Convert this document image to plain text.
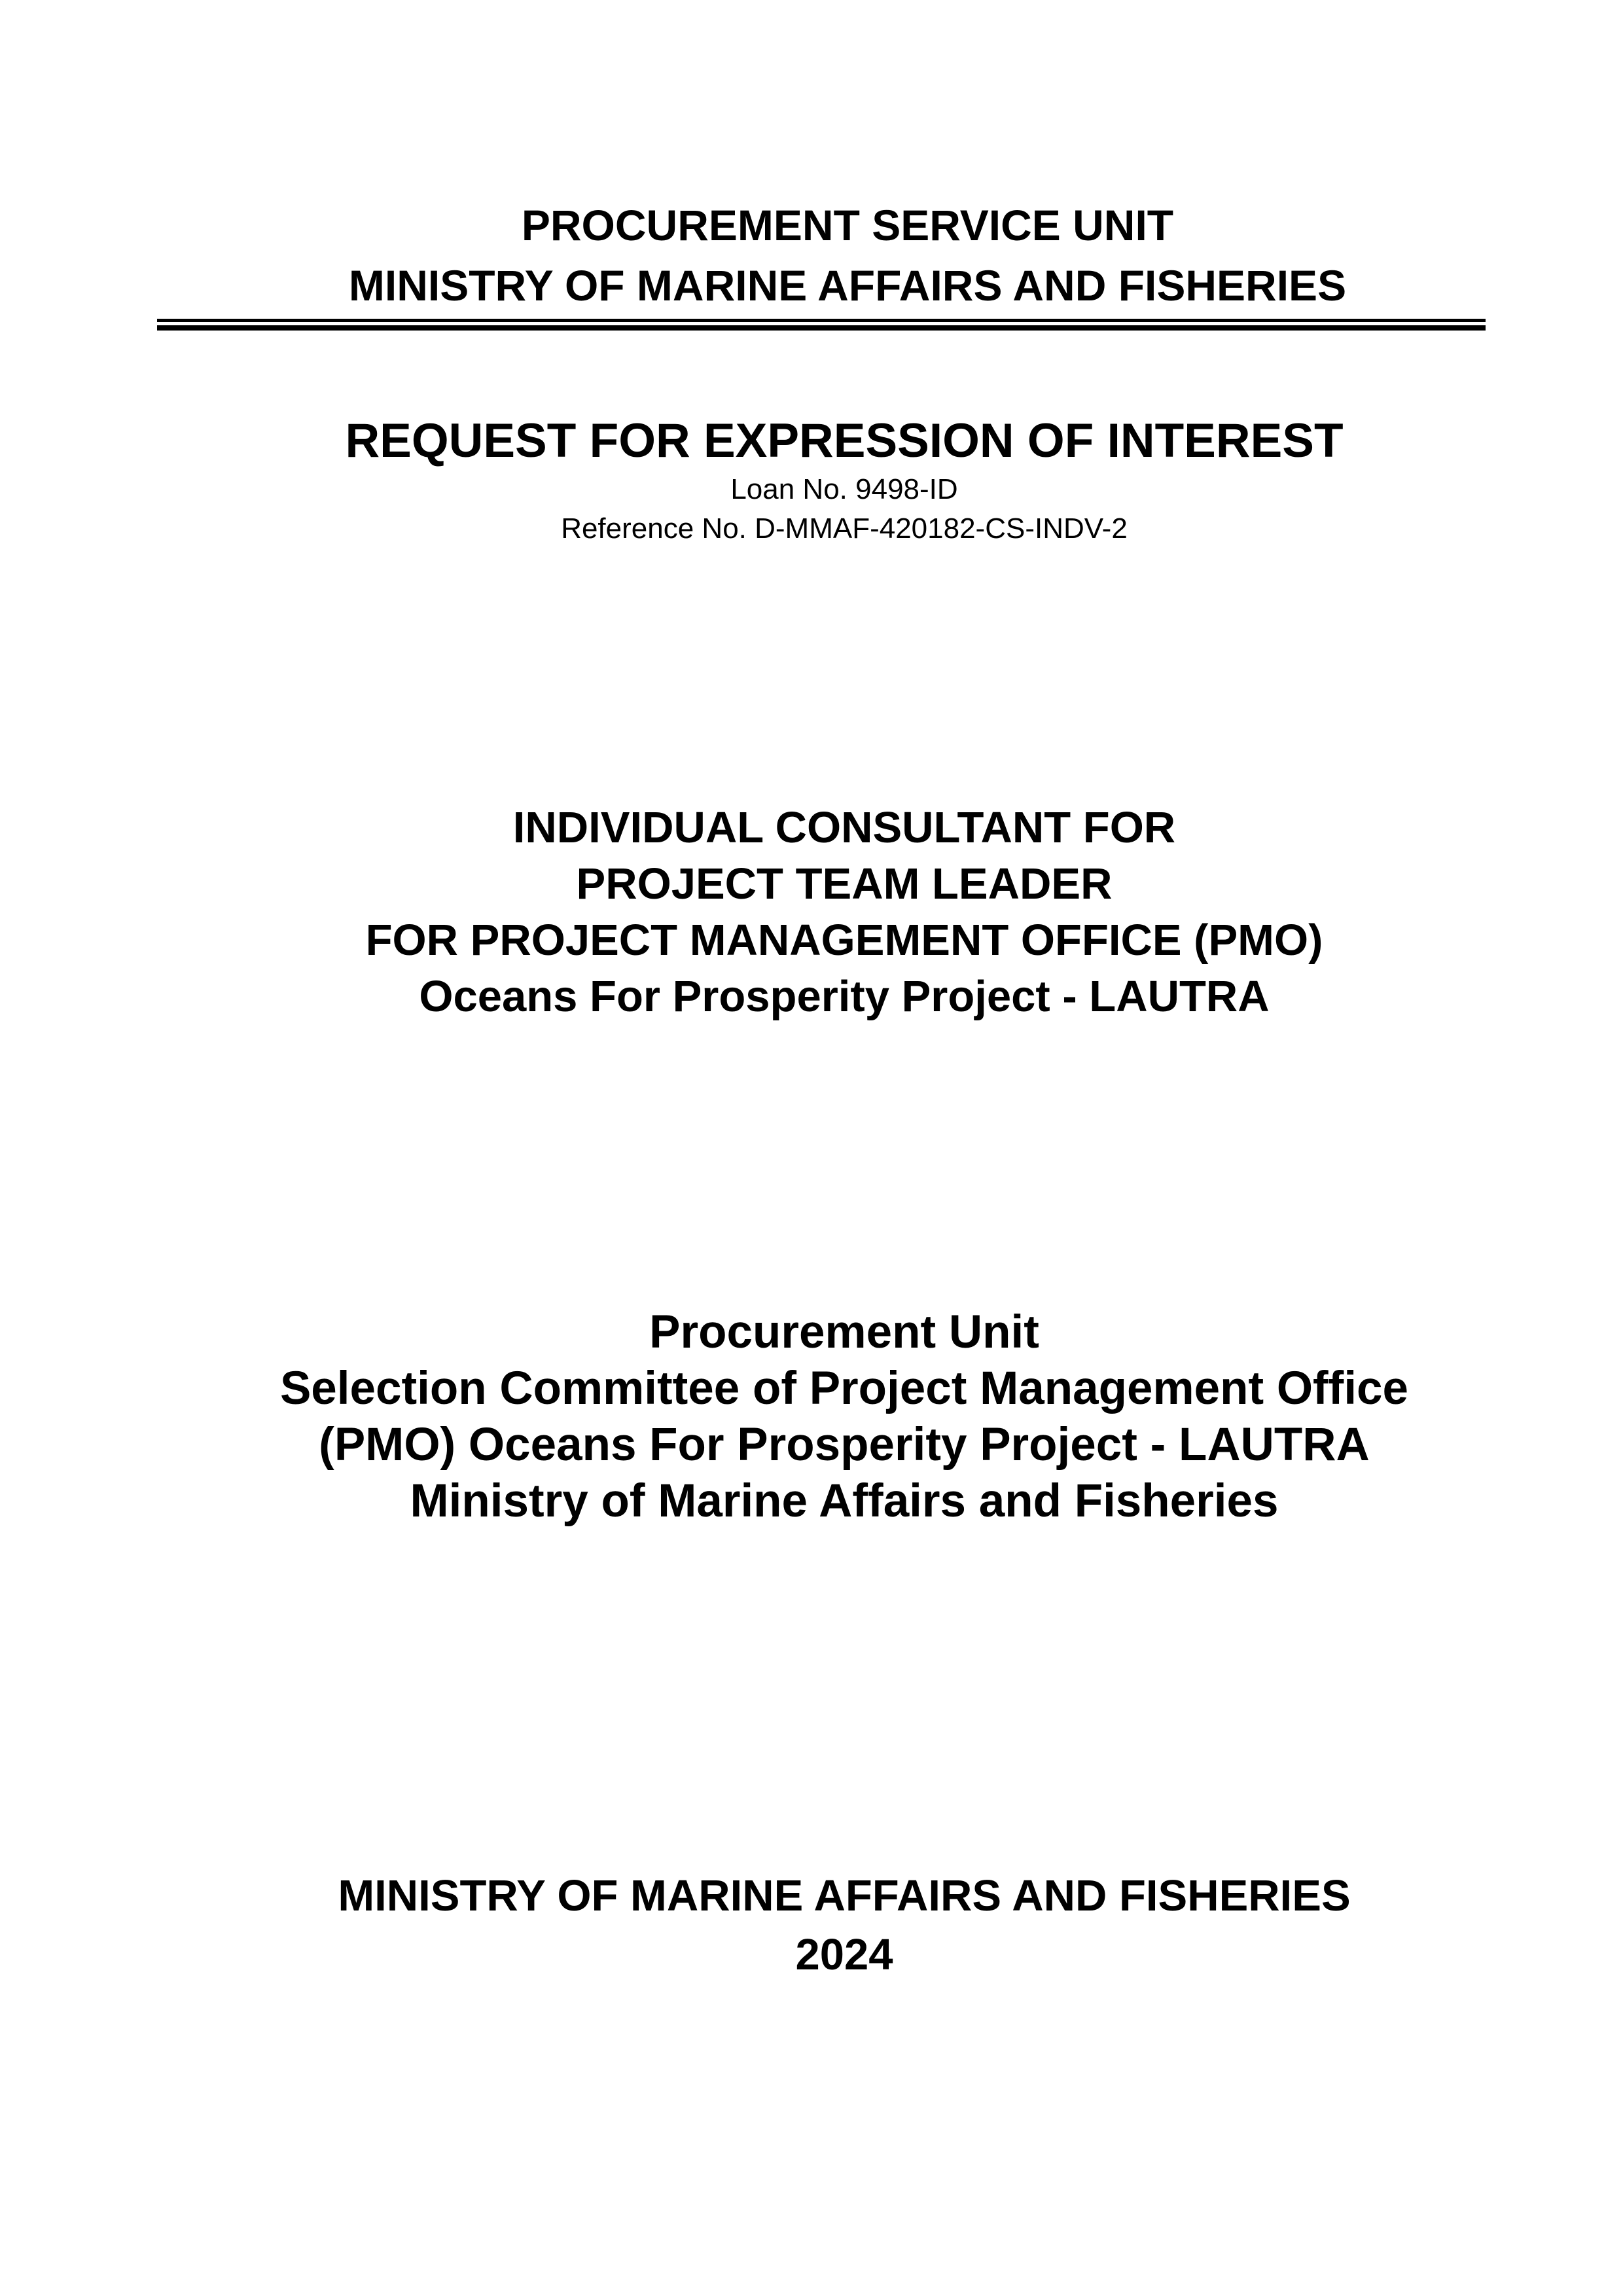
PROCUREMENT SERVICE UNIT
MINISTRY OF MARINE AFFAIRS AND FISHERIES
REQUEST FOR EXPRESSION OF INTEREST
Loan No. 9498-ID
Reference No. D-MMAF-420182-CS-INDV-2
INDIVIDUAL CONSULTANT FOR
PROJECT TEAM LEADER
FOR PROJECT MANAGEMENT OFFICE (PMO)
Oceans For Prosperity Project - LAUTRA
Procurement Unit
Selection Committee of Project Management Office
(PMO) Oceans For Prosperity Project - LAUTRA
Ministry of Marine Affairs and Fisheries
MINISTRY OF MARINE AFFAIRS AND FISHERIES
2024
